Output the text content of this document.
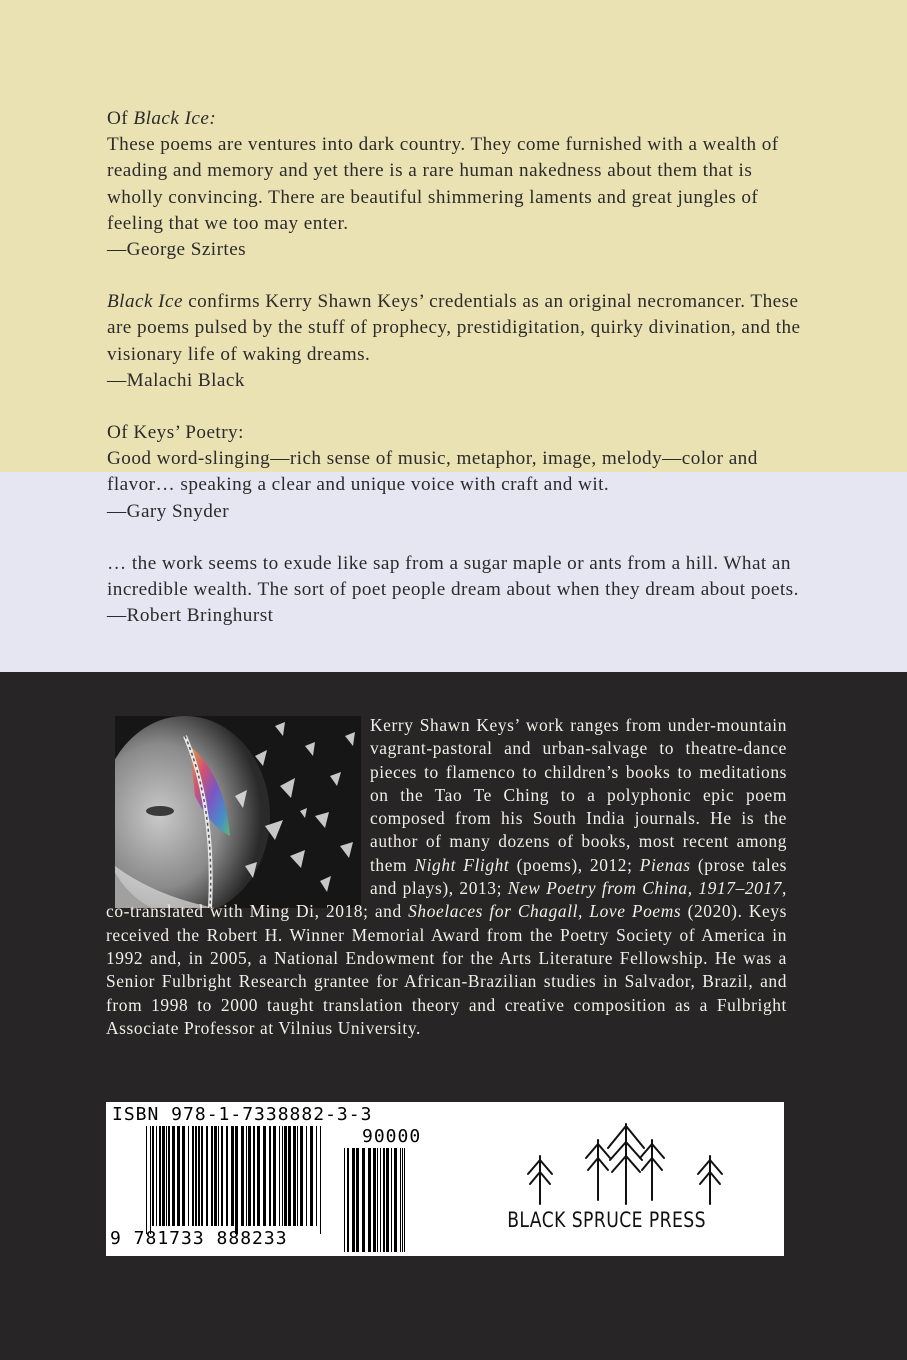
Of Black Ice:

These poems are ventures into dark country. They come furnished with a wealth of reading and memory and yet there is a rare human nakedness about them that is wholly convincing. There are beautiful shimmering laments and great jungles of feeling that we too may enter.

—George Szirtes

Black Ice confirms Kerry Shawn Keys’ credentials as an original necromancer. These are poems pulsed by the stuff of prophecy, prestidigitation, quirky divination, and the visionary life of waking dreams.

—Malachi Black

Of Keys’ Poetry:

Good word-slinging—rich sense of music, metaphor, image, melody—color and flavor… speaking a clear and unique voice with craft and wit.

—Gary Snyder

… the work seems to exude like sap from a sugar maple or ants from a hill. What an incredible wealth. The sort of poet people dream about when they dream about poets.

—Robert Bringhurst

Kerry Shawn Keys’ work ranges from under-mountain vagrant-pastoral and urban-salvage to theatre-dance pieces to flamenco to children’s books to meditations on the Tao Te Ching to a polyphonic epic poem composed from his South India journals. He is the author of many dozens of books, most recent among them Night Flight (poems), 2012; Pienas (prose tales and plays), 2013; New Poetry from China, 1917–2017, co-translated with Ming Di, 2018; and Shoelaces for Chagall, Love Poems (2020). Keys received the Robert H. Winner Memorial Award from the Poetry Society of America in 1992 and, in 2005, a National Endowment for the Arts Literature Fellowship. He was a Senior Fulbright Research grantee for African-Brazilian studies in Salvador, Brazil, and from 1998 to 2000 taught translation theory and creative composition as a Fulbright Associate Professor at Vilnius University.
ISBN 978-1-7338882-3-3
90000
9 781733 888233
BLACK SPRUCE PRESS
